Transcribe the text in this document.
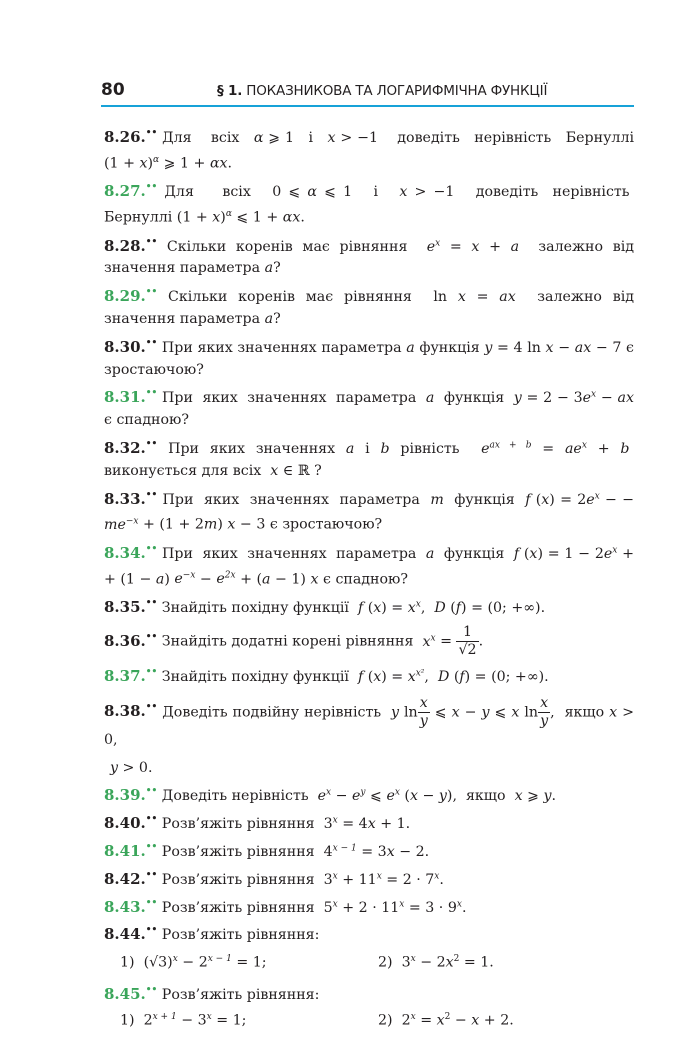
80	§ 1. ПОКАЗНИКОВА ТА ЛОГАРИФМІЧНА ФУНКЦІЇ

8.26.•• Для    всіх   α ⩾ 1   і   x > −1    доведіть   нерівність   Бернуллі $(1 + x)^\alpha$ ⩾ 1 + αx.

8.27.•• Для    всіх   0 ⩽ α ⩽ 1   і   x > −1   доведіть  нерівність  Бернуллі $(1 + x)^\alpha$ ⩽ 1 + αx.

8.28.•• Скільки коренів має рівняння  $e^x = x + a$  залежно від значення параметра a?

8.29.•• Скільки коренів має рівняння  ln x = ax  залежно від значення параметра a?

8.30.•• При яких значеннях параметра a функція y = 4 ln x − ax − 7 є зростаючою?

8.31.•• При  яких  значеннях  параметра  a  функція  $y = 2 - 3e^x$ − ax є спадною?

8.32.•• При яких значеннях a і b рівність  $e^{ax + b} = ae^x + b$  виконується для всіх  x ∈ ℝ ?

8.33.•• При  яких  значеннях  параметра  m  функція  f $(x) = 2e^x$ − − $me^{-x} + (1 + 2m) x - 3$ є зростаючою?

8.34.•• При  яких  значеннях  параметра  a  функція  f $(x) = 1 - 2e^x$ + + (1 − a) $e^{-x} - e^{2x} + (a - 1)$ x є спадною?

8.35.•• Знайдіть похідну функції  f $(x) = x^x$,  D (f) = (0; +∞).

8.36.•• Знайдіть додатні корені рівняння  $x^x = \frac{1}{√2}$ .

8.37.•• Знайдіть похідну функції  f $(x) = x^{x^2}$,  D (f) = (0; +∞).

8.38.•• Доведіть подвійну нерівність  y $\ln \frac{x}{y}$ ⩽ x − y ⩽ x $\ln \frac{x}{y}$ ,  якщо x > 0,

y > 0.

8.39.•• Доведіть нерівність  $e^x - e^y$ ⩽ $e^x$ (x − y),  якщо  x ⩾ y.

8.40.•• Розв’яжіть рівняння  $3^x = 4x + 1$.

8.41.•• Розв’яжіть рівняння  $4^{x - 1} = 3x - 2$.

8.42.•• Розв’яжіть рівняння  $3^x + 11^x = 2 \cdot 7^x$.

8.43.•• Розв’яжіть рівняння  $5^x + 2 \cdot 11^x = 3 \cdot 9^x$.

8.44.•• Розв’яжіть рівняння:

1)  $(√3)^x - 2^{x - 1} = 1$;	2)  $3^x - 2x^2 = 1$.

8.45.•• Розв’яжіть рівняння:

1)  $2^{x + 1} - 3^x = 1$;	2)  $2^x = x^2 - x + 2$.
